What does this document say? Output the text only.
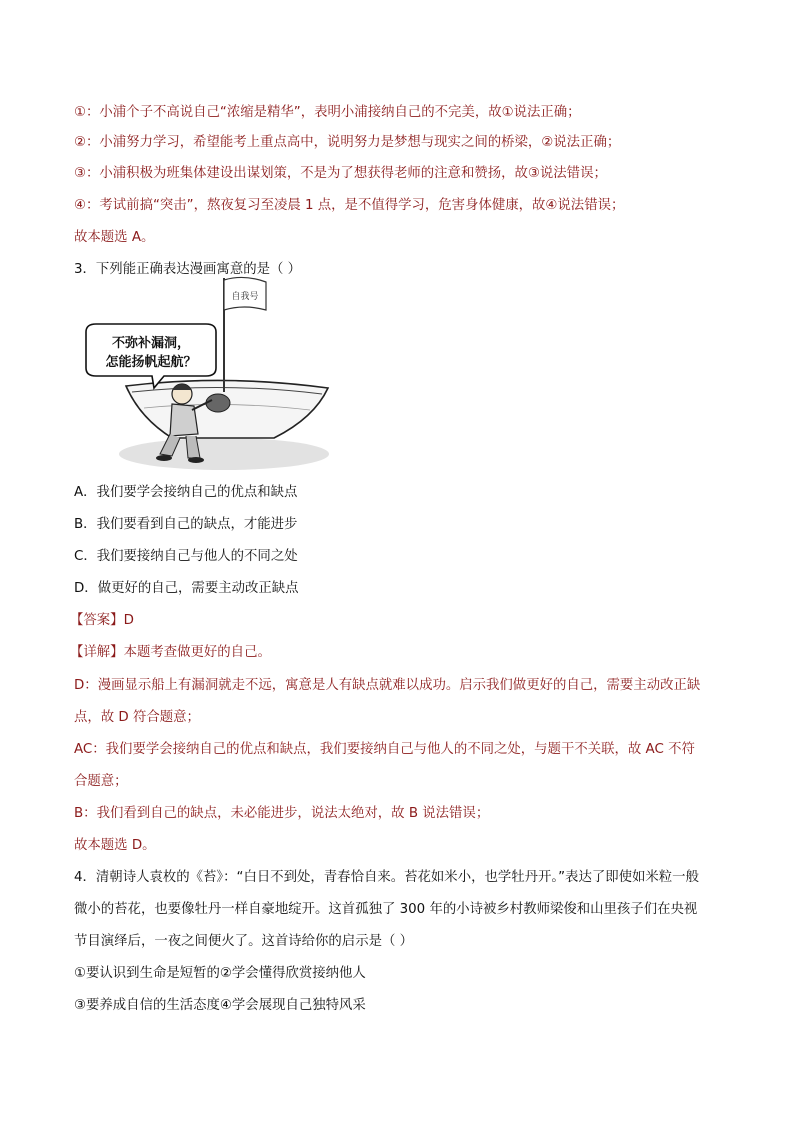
①：小浦个子不高说自己“浓缩是精华”，表明小浦接纳自己的不完美，故①说法正确；
②：小浦努力学习，希望能考上重点高中，说明努力是梦想与现实之间的桥梁，②说法正确；
③：小浦积极为班集体建设出谋划策，不是为了想获得老师的注意和赞扬，故③说法错误；
④：考试前搞“突击”，熬夜复习至凌晨 1 点，是不值得学习，危害身体健康，故④说法错误；
故本题选 A。
3．下列能正确表达漫画寓意的是（ ）
自我号
不弥补漏洞，
怎能扬帆起航？
A．我们要学会接纳自己的优点和缺点
B．我们要看到自己的缺点，才能进步
C．我们要接纳自己与他人的不同之处
D．做更好的自己，需要主动改正缺点
【答案】D
【详解】本题考查做更好的自己。
D：漫画显示船上有漏洞就走不远，寓意是人有缺点就难以成功。启示我们做更好的自己，需要主动改正缺
点，故 D 符合题意；
AC：我们要学会接纳自己的优点和缺点，我们要接纳自己与他人的不同之处，与题干不关联，故 AC 不符
合题意；
B：我们看到自己的缺点，未必能进步，说法太绝对，故 B 说法错误；
故本题选 D。
4．清朝诗人袁枚的《苔》：“白日不到处，青春恰自来。苔花如米小，也学牡丹开。”表达了即使如米粒一般
微小的苔花，也要像牡丹一样自豪地绽开。这首孤独了 300 年的小诗被乡村教师梁俊和山里孩子们在央视
节目演绎后，一夜之间便火了。这首诗给你的启示是（ ）
①要认识到生命是短暂的②学会懂得欣赏接纳他人
③要养成自信的生活态度④学会展现自己独特风采
